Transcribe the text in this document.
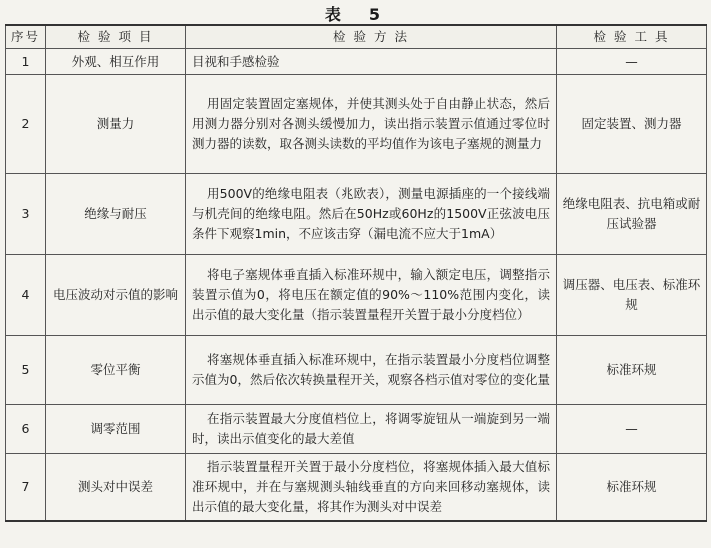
表　5
序号	检 验 项 目	检 验 方 法	检 验 工 具
1	外观、相互作用	目视和手感检验	—
2	测量力	用固定装置固定塞规体，并使其测头处于自由静止状态，然后用测力器分别对各测头缓慢加力，读出指示装置示值通过零位时测力器的读数，取各测头读数的平均值作为该电子塞规的测量力	固定装置、测力器
3	绝缘与耐压	用500V的绝缘电阻表（兆欧表），测量电源插座的一个接线端与机壳间的绝缘电阻。然后在50Hz或60Hz的1500V正弦波电压条件下观察1min，不应该击穿（漏电流不应大于1mA）	绝缘电阻表、抗电箱或耐压试验器
4	电压波动对示值的影响	将电子塞规体垂直插入标准环规中，输入额定电压，调整指示装置示值为0，将电压在额定值的90%～110%范围内变化，读出示值的最大变化量（指示装置量程开关置于最小分度档位）	调压器、电压表、标准环规
5	零位平衡	将塞规体垂直插入标准环规中，在指示装置最小分度档位调整示值为0，然后依次转换量程开关，观察各档示值对零位的变化量	标准环规
6	调零范围	在指示装置最大分度值档位上，将调零旋钮从一端旋到另一端时，读出示值变化的最大差值	—
7	测头对中误差	指示装置量程开关置于最小分度档位，将塞规体插入最大值标准环规中，并在与塞规测头轴线垂直的方向来回移动塞规体，读出示值的最大变化量，将其作为测头对中误差	标准环规
